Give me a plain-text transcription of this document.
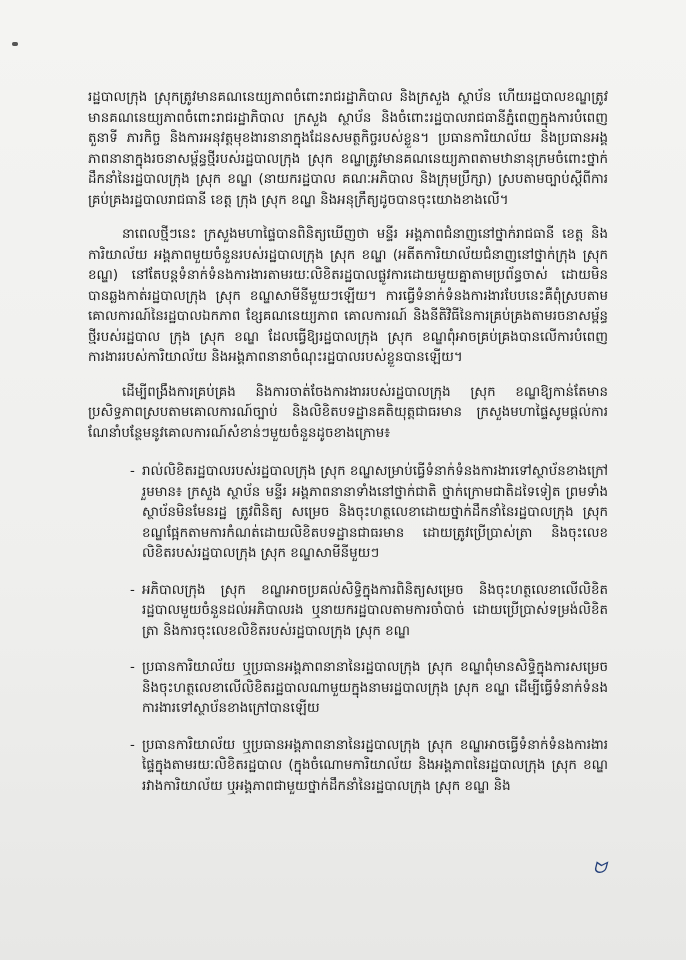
រដ្ឋបាលក្រុង ស្រុកត្រូវមានគណនេយ្យភាពចំពោះរាជរដ្ឋាភិបាល និងក្រសួង ស្ថាប័ន ហើយរដ្ឋបាលខណ្ឌត្រូវមានគណនេយ្យភាពចំពោះរាជរដ្ឋាភិបាល ក្រសួង ស្ថាប័ន និងចំពោះរដ្ឋបាលរាជធានីភ្នំពេញក្នុងការបំពេញតួនាទី ភារកិច្ច និងការអនុវត្តមុខងារនានាក្នុងដែនសមត្ថកិច្ចរបស់ខ្លួន។ ប្រធានការិយាល័យ និងប្រធានអង្គភាពនានាក្នុងរចនាសម្ព័ន្ធថ្មីរបស់រដ្ឋបាលក្រុង ស្រុក ខណ្ឌត្រូវមានគណនេយ្យភាពតាមឋានានុក្រមចំពោះថ្នាក់ដឹកនាំនៃរដ្ឋបាលក្រុង ស្រុក ខណ្ឌ (នាយករដ្ឋបាល គណៈអភិបាល និងក្រុមប្រឹក្សា) ស្របតាមច្បាប់ស្តីពីការគ្រប់គ្រងរដ្ឋបាលរាជធានី ខេត្ត ក្រុង ស្រុក ខណ្ឌ និងអនុក្រឹត្យដូចបានចុះយោងខាងលើ។

នាពេលថ្មីៗនេះ ក្រសួងមហាផ្ទៃបានពិនិត្យឃើញថា មន្ទីរ អង្គភាពជំនាញនៅថ្នាក់រាជធានី ខេត្ត និងការិយាល័យ អង្គភាពមួយចំនួនរបស់រដ្ឋបាលក្រុង ស្រុក ខណ្ឌ (អតីតការិយាល័យជំនាញនៅថ្នាក់ក្រុង ស្រុក ខណ្ឌ) នៅតែបន្តទំនាក់ទំនងការងារតាមរយៈលិខិតរដ្ឋបាលផ្លូវការដោយមួយគ្នាតាមប្រព័ន្ធចាស់ ដោយមិនបានឆ្លងកាត់រដ្ឋបាលក្រុង ស្រុក ខណ្ឌសាមីនីមួយៗឡើយ។ ការធ្វើទំនាក់ទំនងការងារបែបនេះគឺពុំស្របតាមគោលការណ៍នៃរដ្ឋបាលឯកភាព ខ្សែគណនេយ្យភាព គោលការណ៍ និងនីតិវិធីនៃការគ្រប់គ្រងតាមរចនាសម្ព័ន្ធថ្មីរបស់រដ្ឋបាល ក្រុង ស្រុក ខណ្ឌ ដែលធ្វើឱ្យរដ្ឋបាលក្រុង ស្រុក ខណ្ឌពុំអាចគ្រប់គ្រងបានលើការបំពេញការងាររបស់ការិយាល័យ និងអង្គភាពនានាចំណុះរដ្ឋបាលរបស់ខ្លួនបានឡើយ។

ដើម្បីពង្រឹងការគ្រប់គ្រង និងការចាត់ចែងការងាររបស់រដ្ឋបាលក្រុង ស្រុក ខណ្ឌឱ្យកាន់តែមានប្រសិទ្ធភាពស្របតាមគោលការណ៍ច្បាប់ និងលិខិតបទដ្ឋានគតិយុត្តជាធរមាន ក្រសួងមហាផ្ទៃសូមផ្តល់ការណែនាំបន្ថែមនូវគោលការណ៍សំខាន់ៗមួយចំនួនដូចខាងក្រោម៖

- រាល់លិខិតរដ្ឋបាលរបស់រដ្ឋបាលក្រុង ស្រុក ខណ្ឌសម្រាប់ធ្វើទំនាក់ទំនងការងារទៅស្ថាប័នខាងក្រៅ រួមមាន៖ ក្រសួង ស្ថាប័ន មន្ទីរ អង្គភាពនានាទាំងនៅថ្នាក់ជាតិ ថ្នាក់ក្រោមជាតិដទៃទៀត ព្រមទាំងស្ថាប័នមិនមែនរដ្ឋ ត្រូវពិនិត្យ សម្រេច និងចុះហត្ថលេខាដោយថ្នាក់ដឹកនាំនៃរដ្ឋបាលក្រុង ស្រុក ខណ្ឌផ្អែកតាមការកំណត់ដោយលិខិតបទដ្ឋានជាធរមាន ដោយត្រូវប្រើប្រាស់ត្រា និងចុះលេខលិខិតរបស់រដ្ឋបាលក្រុង ស្រុក ខណ្ឌសាមីនីមួយៗ
- អភិបាលក្រុង ស្រុក ខណ្ឌអាចប្រគល់សិទ្ធិក្នុងការពិនិត្យសម្រេច និងចុះហត្ថលេខាលើលិខិតរដ្ឋបាលមួយចំនួនដល់អភិបាលរង ឬនាយករដ្ឋបាលតាមការចាំបាច់ ដោយប្រើប្រាស់ទម្រង់លិខិត ត្រា និងការចុះលេខលិខិតរបស់រដ្ឋបាលក្រុង ស្រុក ខណ្ឌ
- ប្រធានការិយាល័យ ឬប្រធានអង្គភាពនានានៃរដ្ឋបាលក្រុង ស្រុក ខណ្ឌពុំមានសិទ្ធិក្នុងការសម្រេច និងចុះហត្ថលេខាលើលិខិតរដ្ឋបាលណាមួយក្នុងនាមរដ្ឋបាលក្រុង ស្រុក ខណ្ឌ ដើម្បីធ្វើទំនាក់ទំនងការងារទៅស្ថាប័នខាងក្រៅបានឡើយ
- ប្រធានការិយាល័យ ឬប្រធានអង្គភាពនានានៃរដ្ឋបាលក្រុង ស្រុក ខណ្ឌអាចធ្វើទំនាក់ទំនងការងារផ្ទៃក្នុងតាមរយៈលិខិតរដ្ឋបាល (ក្នុងចំណោមការិយាល័យ និងអង្គភាពនៃរដ្ឋបាលក្រុង ស្រុក ខណ្ឌ រវាងការិយាល័យ ឬអង្គភាពជាមួយថ្នាក់ដឹកនាំនៃរដ្ឋបាលក្រុង ស្រុក ខណ្ឌ និង
ᗢ
